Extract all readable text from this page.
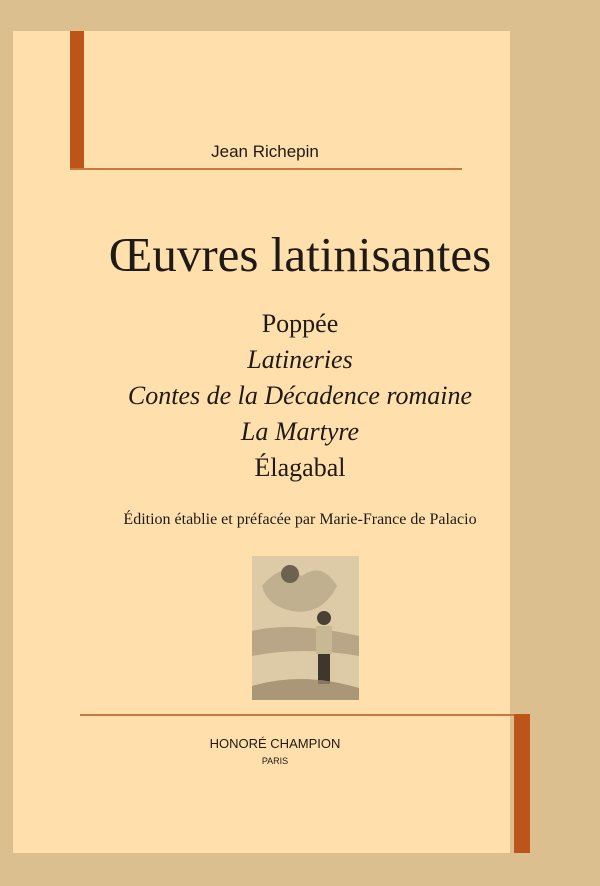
Jean Richepin
Œuvres latinisantes
Poppée
Latineries
Contes de la Décadence romaine
La Martyre
Élagabal
Édition établie et préfacée par Marie-France de Palacio
HONORÉ CHAMPION
PARIS
